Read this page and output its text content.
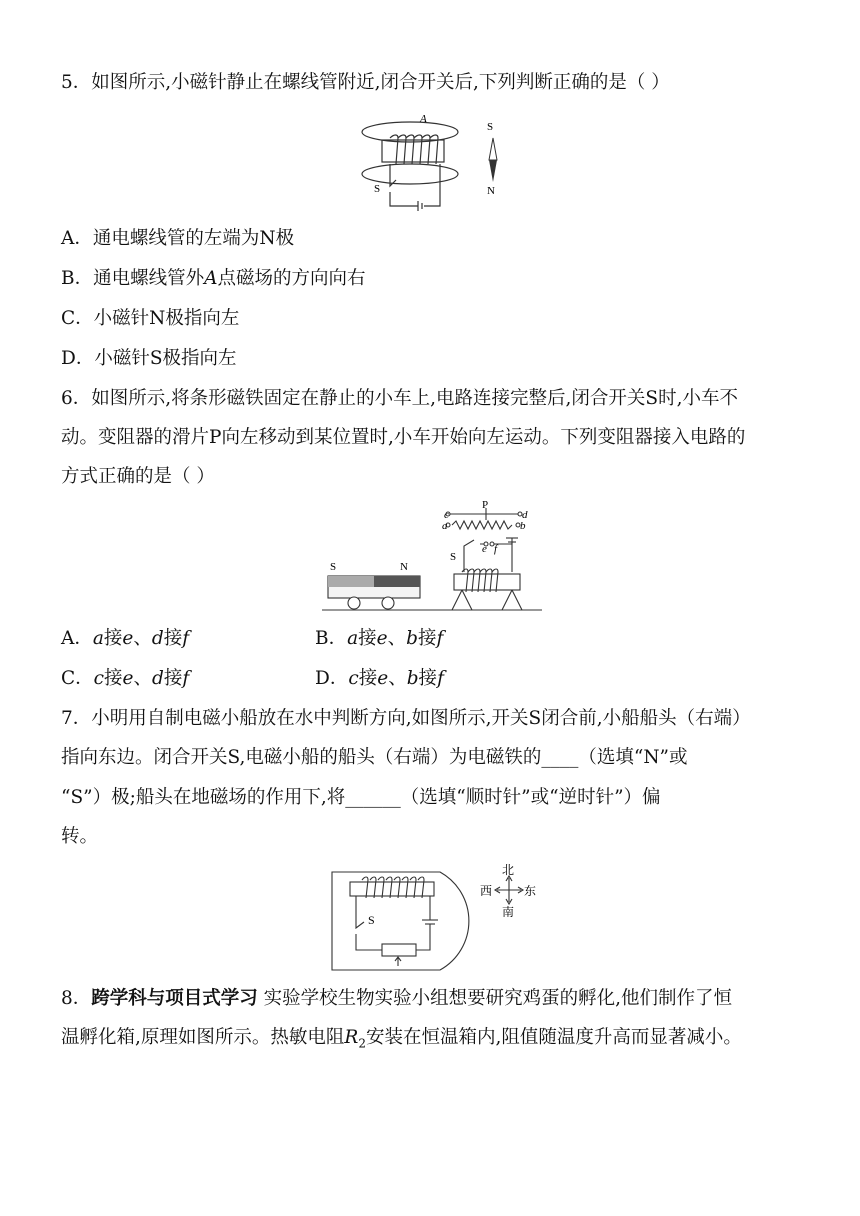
5．如图所示,小磁针静止在螺线管附近,闭合开关后,下列判断正确的是（ ）
A
S
S
N
A．通电螺线管的左端为N极
B．通电螺线管外A点磁场的方向向右
C．小磁针N极指向左
D．小磁针S极指向左
6．如图所示,将条形磁铁固定在静止的小车上,电路连接完整后,闭合开关S时,小车不
动。变阻器的滑片P向左移动到某位置时,小车开始向左运动。下列变阻器接入电路的
方式正确的是（ ）
c
P
d
a	b
e f
S
S	N
A．a接e、d接f	B．a接e、b接f
C．c接e、d接f	D．c接e、b接f
7．小明用自制电磁小船放在水中判断方向,如图所示,开关S闭合前,小船船头（右端）
指向东边。闭合开关S,电磁小船的船头（右端）为电磁铁的____（选填“N”或
“S”）极;船头在地磁场的作用下,将______（选填“顺时针”或“逆时针”）偏
转。
S
北
南
西	东
8．跨学科与项目式学习 实验学校生物实验小组想要研究鸡蛋的孵化,他们制作了恒
温孵化箱,原理如图所示。热敏电阻$R_2$安装在恒温箱内,阻值随温度升高而显著减小。
